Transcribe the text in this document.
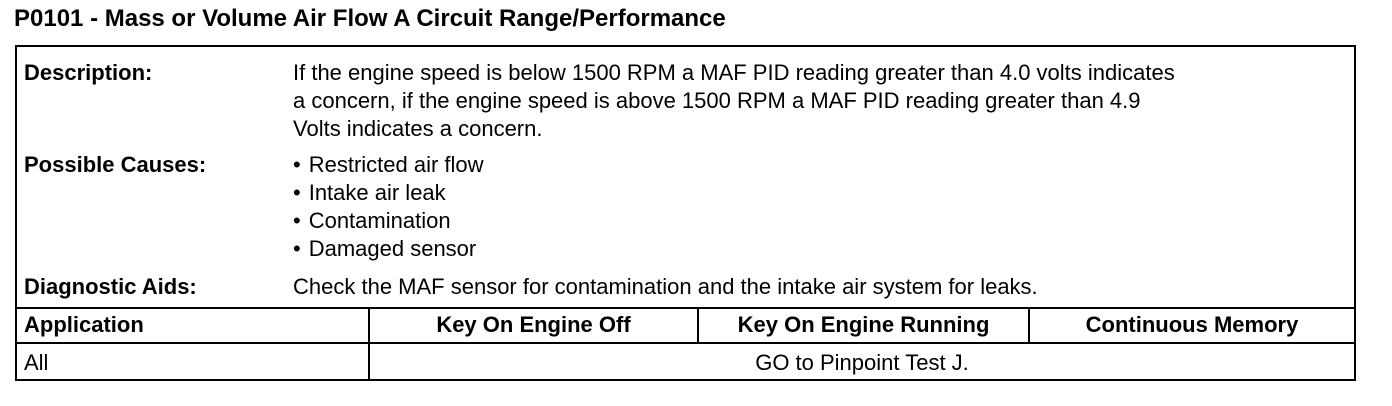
P0101 - Mass or Volume Air Flow A Circuit Range/Performance
Description:	If the engine speed is below 1500 RPM a MAF PID reading greater than 4.0 volts indicates
a concern, if the engine speed is above 1500 RPM a MAF PID reading greater than 4.9
Volts indicates a concern.
Possible Causes:	• Restricted air flow
• Intake air leak
• Contamination
• Damaged sensor
Diagnostic Aids:	Check the MAF sensor for contamination and the intake air system for leaks.
Application	Key On Engine Off	Key On Engine Running	Continuous Memory
All	GO to Pinpoint Test J.
